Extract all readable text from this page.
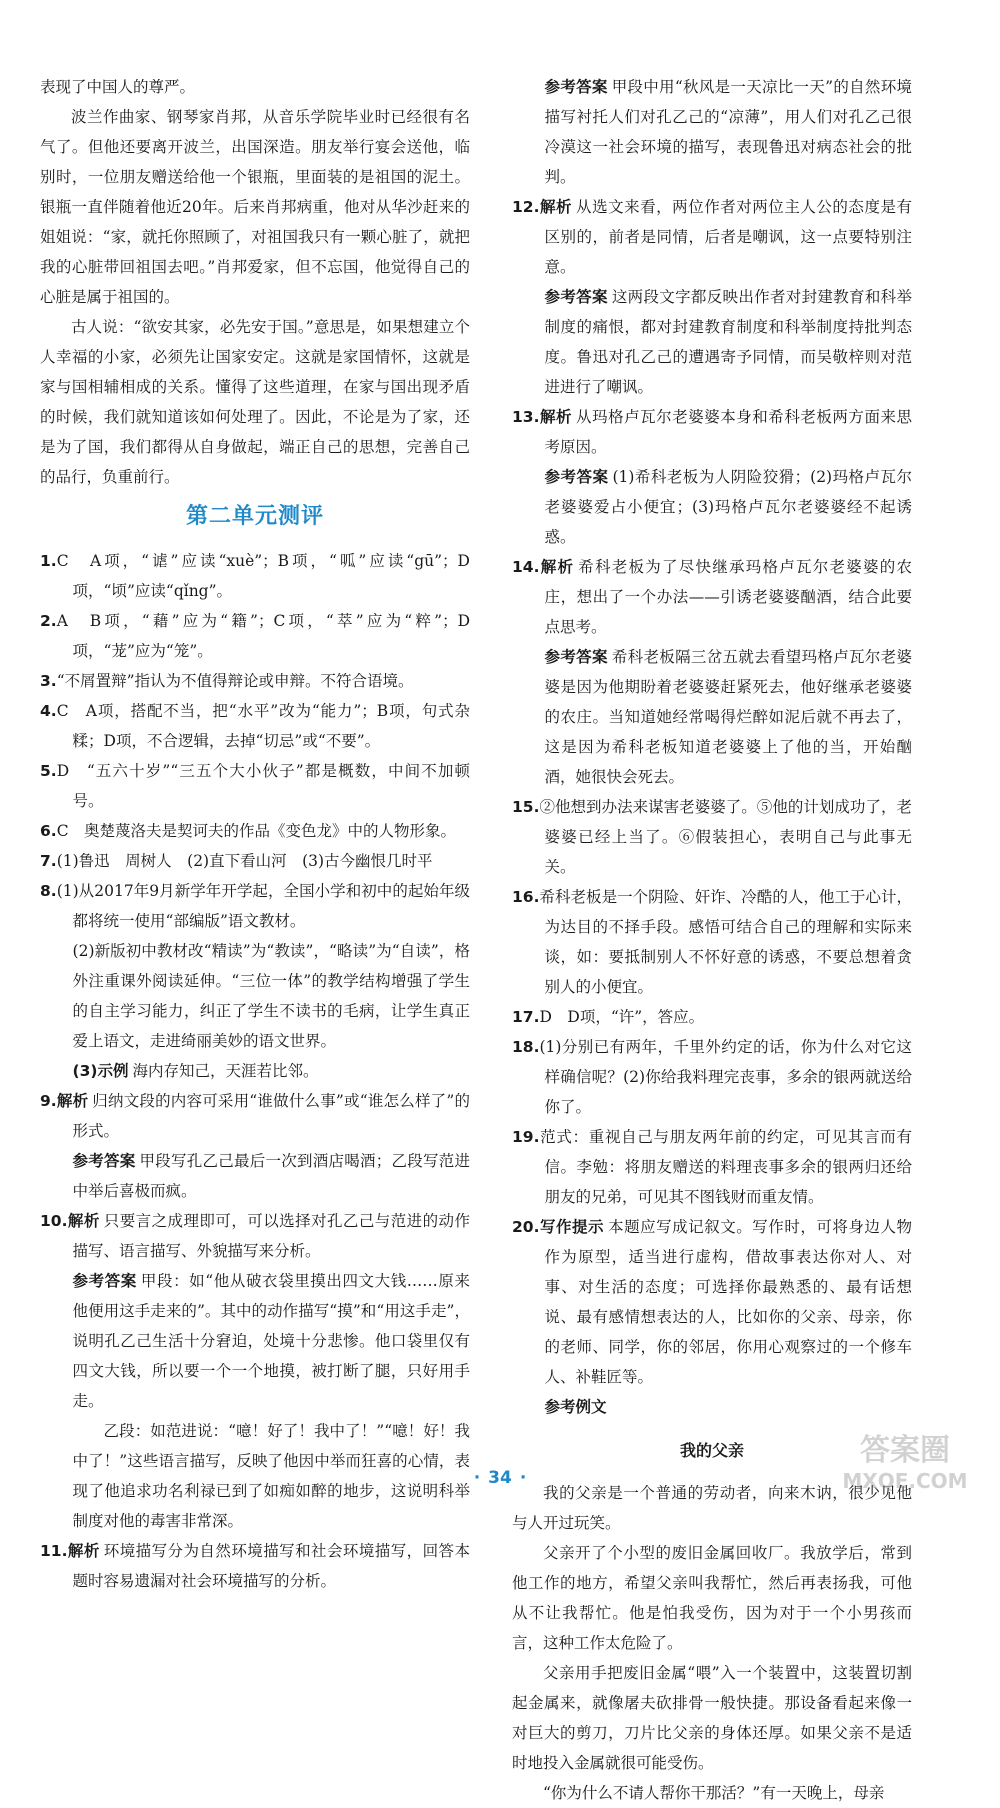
表现了中国人的尊严。

波兰作曲家、钢琴家肖邦，从音乐学院毕业时已经很有名气了。但他还要离开波兰，出国深造。朋友举行宴会送他，临别时，一位朋友赠送给他一个银瓶，里面装的是祖国的泥土。银瓶一直伴随着他近20年。后来肖邦病重，他对从华沙赶来的姐姐说：“家，就托你照顾了，对祖国我只有一颗心脏了，就把我的心脏带回祖国去吧。”肖邦爱家，但不忘国，他觉得自己的心脏是属于祖国的。

古人说：“欲安其家，必先安于国。”意思是，如果想建立个人幸福的小家，必须先让国家安定。这就是家国情怀，这就是家与国相辅相成的关系。懂得了这些道理，在家与国出现矛盾的时候，我们就知道该如何处理了。因此，不论是为了家，还是为了国，我们都得从自身做起，端正自己的思想，完善自己的品行，负重前行。

第二单元测评

1.C　A项，“谑”应读“xuè”；B项，“呱”应读“gū”；D项，“顷”应读“qǐng”。

2.A　B项，“藉”应为“籍”；C项，“萃”应为“粹”；D项，“茏”应为“笼”。

3.“不屑置辩”指认为不值得辩论或申辩。不符合语境。

4.C　A项，搭配不当，把“水平”改为“能力”；B项，句式杂糅；D项，不合逻辑，去掉“切忌”或“不要”。

5.D　“五六十岁”“三五个大小伙子”都是概数，中间不加顿号。

6.C　奥楚蔑洛夫是契诃夫的作品《变色龙》中的人物形象。

7.(1)鲁迅　周树人　(2)直下看山河　(3)古今幽恨几时平

8.(1)从2017年9月新学年开学起，全国小学和初中的起始年级都将统一使用“部编版”语文教材。

(2)新版初中教材改“精读”为“教读”，“略读”为“自读”，格外注重课外阅读延伸。“三位一体”的教学结构增强了学生的自主学习能力，纠正了学生不读书的毛病，让学生真正爱上语文，走进绮丽美妙的语文世界。

(3)示例 海内存知己，天涯若比邻。

9.解析 归纳文段的内容可采用“谁做什么事”或“谁怎么样了”的形式。

参考答案 甲段写孔乙己最后一次到酒店喝酒；乙段写范进中举后喜极而疯。

10.解析 只要言之成理即可，可以选择对孔乙己与范进的动作描写、语言描写、外貌描写来分析。

参考答案 甲段：如“他从破衣袋里摸出四文大钱……原来他便用这手走来的”。其中的动作描写“摸”和“用这手走”，说明孔乙己生活十分窘迫，处境十分悲惨。他口袋里仅有四文大钱，所以要一个一个地摸，被打断了腿，只好用手走。

乙段：如范进说：“噫！好了！我中了！”“噫！好！我中了！”这些语言描写，反映了他因中举而狂喜的心情，表现了他追求功名利禄已到了如痴如醉的地步，这说明科举制度对他的毒害非常深。

11.解析 环境描写分为自然环境描写和社会环境描写，回答本题时容易遗漏对社会环境描写的分析。

参考答案 甲段中用“秋风是一天凉比一天”的自然环境描写衬托人们对孔乙己的“凉薄”，用人们对孔乙己很冷漠这一社会环境的描写，表现鲁迅对病态社会的批判。

12.解析 从选文来看，两位作者对两位主人公的态度是有区别的，前者是同情，后者是嘲讽，这一点要特别注意。

参考答案 这两段文字都反映出作者对封建教育和科举制度的痛恨，都对封建教育制度和科举制度持批判态度。鲁迅对孔乙己的遭遇寄予同情，而吴敬梓则对范进进行了嘲讽。

13.解析 从玛格卢瓦尔老婆婆本身和希科老板两方面来思考原因。

参考答案 (1)希科老板为人阴险狡猾；(2)玛格卢瓦尔老婆婆爱占小便宜；(3)玛格卢瓦尔老婆婆经不起诱惑。

14.解析 希科老板为了尽快继承玛格卢瓦尔老婆婆的农庄，想出了一个办法——引诱老婆婆酗酒，结合此要点思考。

参考答案 希科老板隔三岔五就去看望玛格卢瓦尔老婆婆是因为他期盼着老婆婆赶紧死去，他好继承老婆婆的农庄。当知道她经常喝得烂醉如泥后就不再去了，这是因为希科老板知道老婆婆上了他的当，开始酗酒，她很快会死去。

15.②他想到办法来谋害老婆婆了。⑤他的计划成功了，老婆婆已经上当了。⑥假装担心，表明自己与此事无关。

16.希科老板是一个阴险、奸诈、冷酷的人，他工于心计，为达目的不择手段。感悟可结合自己的理解和实际来谈，如：要抵制别人不怀好意的诱惑，不要总想着贪别人的小便宜。

17.D　D项，“许”，答应。

18.(1)分别已有两年，千里外约定的话，你为什么对它这样确信呢？(2)你给我料理完丧事，多余的银两就送给你了。

19.范式：重视自己与朋友两年前的约定，可见其言而有信。李勉：将朋友赠送的料理丧事多余的银两归还给朋友的兄弟，可见其不图钱财而重友情。

20.写作提示 本题应写成记叙文。写作时，可将身边人物作为原型，适当进行虚构，借故事表达你对人、对事、对生活的态度；可选择你最熟悉的、最有话想说、最有感情想表达的人，比如你的父亲、母亲，你的老师、同学，你的邻居，你用心观察过的一个修车人、补鞋匠等。

参考例文

我的父亲

我的父亲是一个普通的劳动者，向来木讷，很少见他与人开过玩笑。

父亲开了个小型的废旧金属回收厂。我放学后，常到他工作的地方，希望父亲叫我帮忙，然后再表扬我，可他从不让我帮忙。他是怕我受伤，因为对于一个小男孩而言，这种工作太危险了。

父亲用手把废旧金属“喂”入一个装置中，这装置切割起金属来，就像屠夫砍排骨一般快捷。那设备看起来像一对巨大的剪刀，刀片比父亲的身体还厚。如果父亲不是适时地投入金属就很可能受伤。

“你为什么不请人帮你干那活？”有一天晚上，母亲

· 34 ·
答案圈
MXQE.COM
